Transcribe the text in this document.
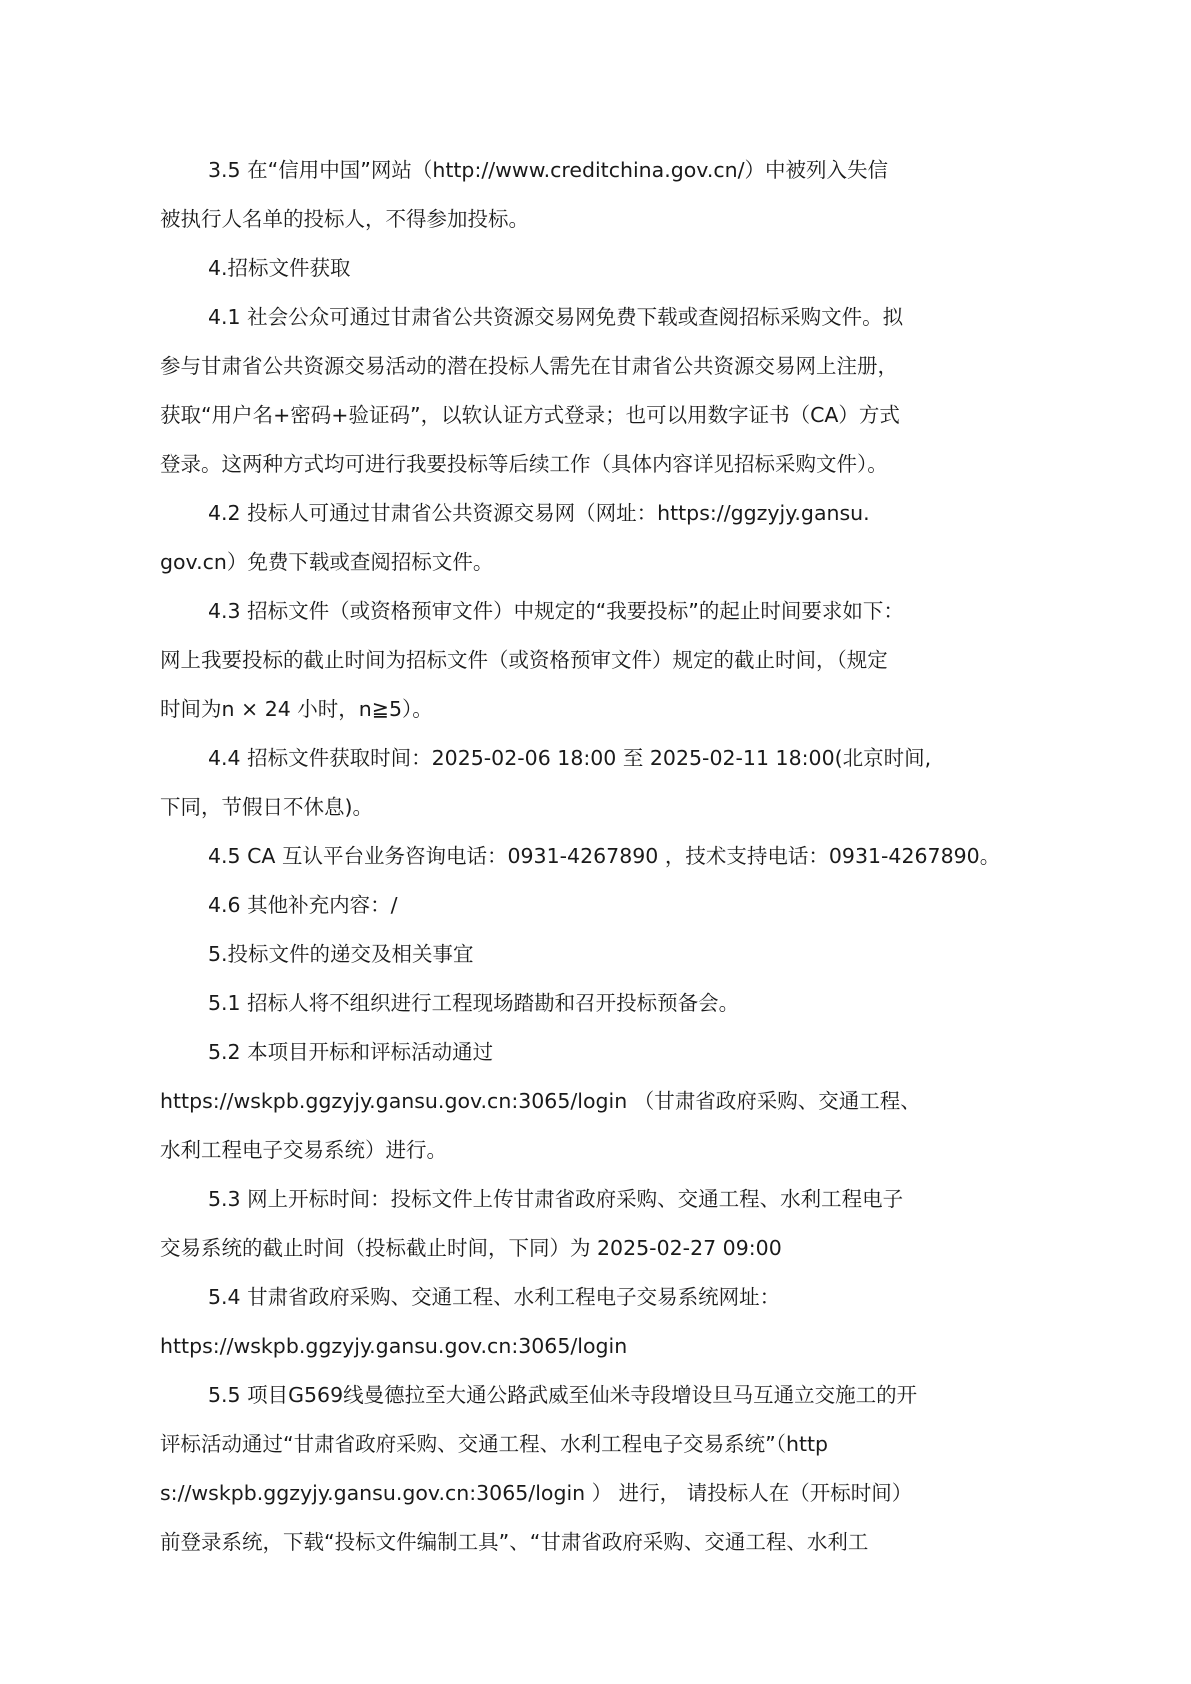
3.5 在“信用中国”网站（http://www.creditchina.gov.cn/）中被列入失信
被执行人名单的投标人，不得参加投标。

4.招标文件获取

4.1 社会公众可通过甘肃省公共资源交易网免费下载或查阅招标采购文件。拟
参与甘肃省公共资源交易活动的潜在投标人需先在甘肃省公共资源交易网上注册，
获取“用户名+密码+验证码”，以软认证方式登录；也可以用数字证书（CA）方式
登录。这两种方式均可进行我要投标等后续工作（具体内容详见招标采购文件）。

4.2 投标人可通过甘肃省公共资源交易网（网址：https://ggzyjy.gansu.
gov.cn）免费下载或查阅招标文件。

4.3 招标文件（或资格预审文件）中规定的“我要投标”的起止时间要求如下：
网上我要投标的截止时间为招标文件（或资格预审文件）规定的截止时间，（规定
时间为n × 24 小时，n≧5）。

4.4 招标文件获取时间：2025-02-06 18:00 至 2025-02-11 18:00(北京时间,
下同，节假日不休息)。

4.5 CA 互认平台业务咨询电话：0931-4267890 ，技术支持电话：0931-4267890。

4.6 其他补充内容：/

5.投标文件的递交及相关事宜

5.1 招标人将不组织进行工程现场踏勘和召开投标预备会。

5.2 本项目开标和评标活动通过
https://wskpb.ggzyjy.gansu.gov.cn:3065/login （甘肃省政府采购、交通工程、
水利工程电子交易系统）进行。

5.3 网上开标时间：投标文件上传甘肃省政府采购、交通工程、水利工程电子
交易系统的截止时间（投标截止时间，下同）为 2025-02-27 09:00

5.4 甘肃省政府采购、交通工程、水利工程电子交易系统网址：
https://wskpb.ggzyjy.gansu.gov.cn:3065/login

5.5 项目G569线曼德拉至大通公路武威至仙米寺段增设旦马互通立交施工的开
评标活动通过“甘肃省政府采购、交通工程、水利工程电子交易系统”（http
s://wskpb.ggzyjy.gansu.gov.cn:3065/login ） 进行， 请投标人在（开标时间）
前登录系统，下载“投标文件编制工具”、“甘肃省政府采购、交通工程、水利工
